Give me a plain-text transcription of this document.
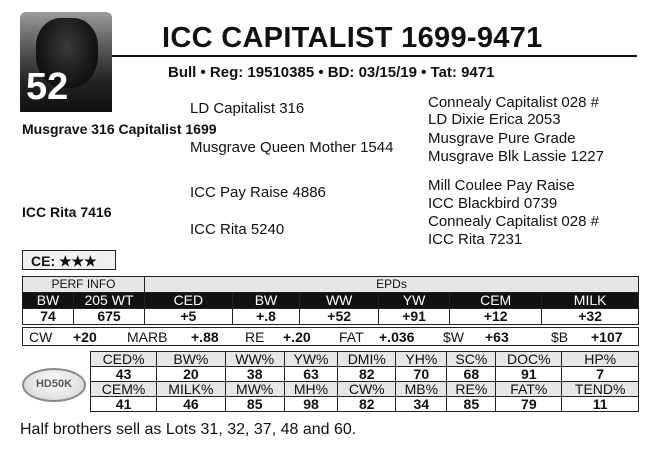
52
ICC CAPITALIST 1699-9471
Bull • Reg: 19510385 • BD: 03/15/19 • Tat: 9471
Musgrave 316 Capitalist 1699
ICC Rita 7416
LD Capitalist 316
Musgrave Queen Mother 1544
ICC Pay Raise 4886
ICC Rita 5240
Connealy Capitalist 028 #
LD Dixie Erica 2053
Musgrave Pure Grade
Musgrave Blk Lassie 1227
Mill Coulee Pay Raise
ICC Blackbird 0739
Connealy Capitalist 028 #
ICC Rita 7231
CE: ★★★
PERF INFO		EPDs					
BW	205 WT	CED	BW	WW	YW	CEM	MILK
74	675	+5	+.8	+52	+91	+12	+32
CW +20 MARB +.88 RE +.20 FAT +.036 $W +63	$B +107
HD50K
CED%	BW%	WW%	YW%	DMI%	YH%	SC%	DOC%	HP%
43	20	38	63	82	70	68	91	7
CEM%	MILK%	MW%	MH%	CW%	MB%	RE%	FAT%	TEND%
41	46	85	98	82	34	85	79	11
Half brothers sell as Lots 31, 32, 37, 48 and 60.
